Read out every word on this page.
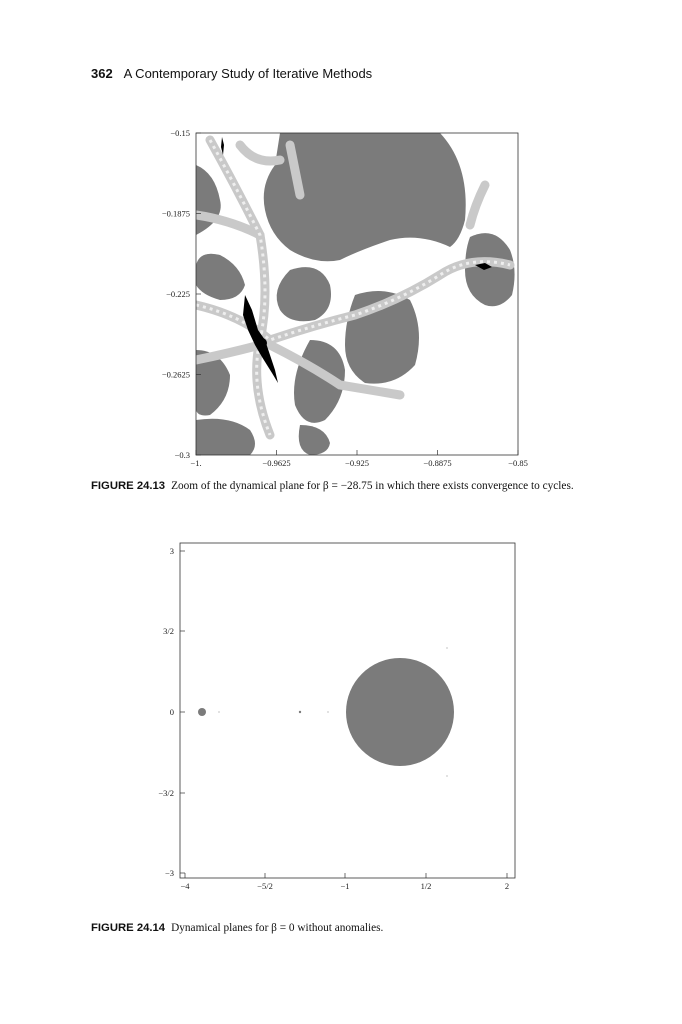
362 A Contemporary Study of Iterative Methods
−0.15
−0.1875
−0.225
−0.2625
−0.3
−1.	−0.9625	−0.925	−0.8875	−0.85
FIGURE 24.13 Zoom of the dynamical plane for β = −28.75 in which there exists convergence to cycles.
3
3/2
0
−3/2
−3
−4	−5/2	−1	1/2	2
FIGURE 24.14 Dynamical planes for β = 0 without anomalies.
